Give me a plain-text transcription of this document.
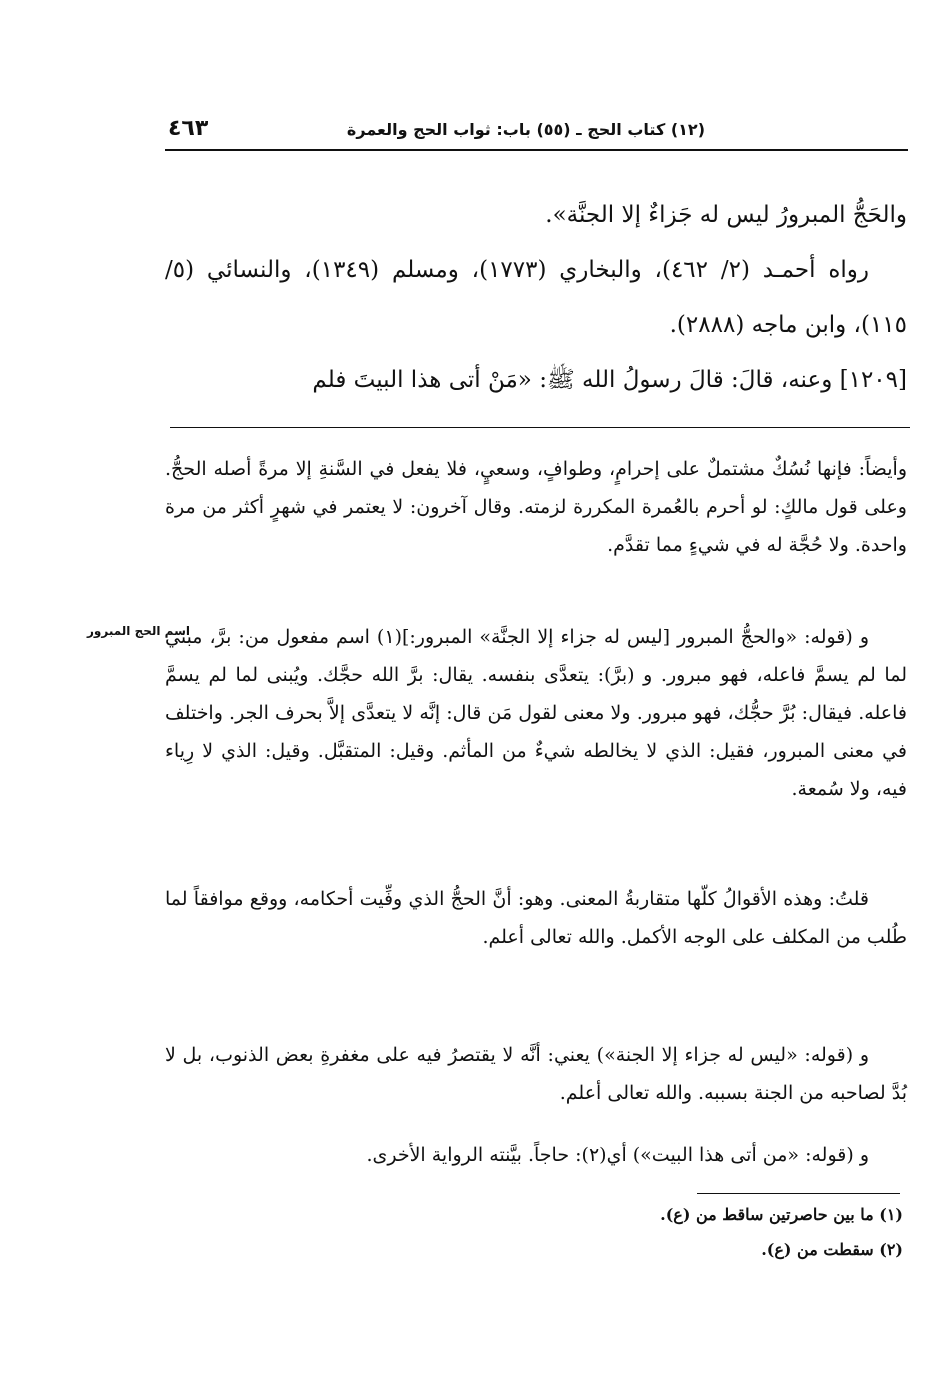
٤٦٣	(١٢) كتاب الحج ـ (٥٥) باب: ثواب الحج والعمرة

والحَجُّ المبرورُ ليس له جَزاءٌ إلا الجنَّة».

رواه أحمـد (٢/ ٤٦٢)، والبخاري (١٧٧٣)، ومسلم (١٣٤٩)، والنسائي (٥/ ١١٥)، وابن ماجه (٢٨٨٨).

[١٢٠٩] وعنه، قالَ: قالَ رسولُ الله ﷺ: «مَنْ أتى هذا البيتَ فلم

وأيضاً: فإنها نُسُكٌ مشتملٌ على إحرامٍ، وطوافٍ، وسعيٍ، فلا يفعل في السَّنةِ إلا مرةً أصله الحجُّ. وعلى قول مالكٍ: لو أحرم بالعُمرة المكررة لزمته. وقال آخرون: لا يعتمر في شهرٍ أكثر من مرة واحدة. ولا حُجَّة له في شيءٍ مما تقدَّم.

اسم الحج المبرور

و (قوله: «والحجُّ المبرور [ليس له جزاء إلا الجنَّة» المبرور:](١) اسم مفعول من: برَّ، مبني لما لم يسمَّ فاعله، فهو مبرور. و (برَّ): يتعدَّى بنفسه. يقال: برَّ الله حجَّك. ويُبنى لما لم يسمَّ فاعله. فيقال: بُرَّ حجُّك، فهو مبرور. ولا معنى لقول مَن قال: إنَّه لا يتعدَّى إلاَّ بحرف الجر. واختلف في معنى المبرور، فقيل: الذي لا يخالطه شيءٌ من المأثم. وقيل: المتقبَّل. وقيل: الذي لا رِياء فيه، ولا سُمعة.

قلتُ: وهذه الأقوالُ كلّها متقاربةُ المعنى. وهو: أنَّ الحجُّ الذي وفِّيت أحكامه، ووقع موافقاً لما طُلب من المكلف على الوجه الأكمل. والله تعالى أعلم.

و (قوله: «ليس له جزاء إلا الجنة») يعني: أنَّه لا يقتصرُ فيه على مغفرةِ بعض الذنوب، بل لا بُدَّ لصاحبه من الجنة بسببه. والله تعالى أعلم.

و (قوله: «من أتى هذا البيت») أي(٢): حاجاً. بيَّنته الرواية الأخرى.

(١) ما بين حاصرتين ساقط من (ع).
(٢) سقطت من (ع).
